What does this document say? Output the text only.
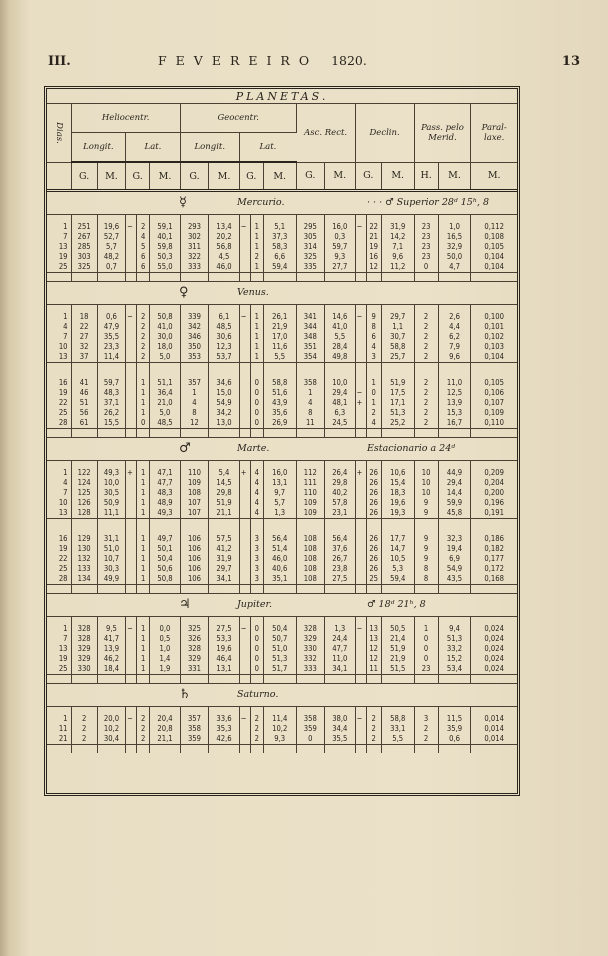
III.	FEVEREIRO 1820.	13
PLANETAS.																		
Dias.	Heliocentr.					Geocentr.					Asc. Rect.		Declin.			Pass. pelo Merid.		Paral- laxe.
	Longit.		Lat.			Longit.		Lat.										
	G.	M.	G.		M.	G.	M.	G.		M.	G.	M.	G.		M.	H.	M.	M.

☿ Mercurio. · · · ♂ Superior 28ᵈ 15ʰ, 8																		

1	251	19,6	−	2	59,1	293	13,4	−	1	5,1	295	16,0	−	22	31,9	23	1,0	0,112
7	267	52,7		4	40,1	302	20,2		1	37,3	305	0,3		21	14,2	23	16,5	0,108
13	285	5,7		5	59,8	311	56,8		1	58,3	314	59,7		19	7,1	23	32,9	0,105
19	303	48,2		6	50,3	322	4,5		2	6,6	325	9,3		16	9,6	23	50,0	0,104
25	325	0,7		6	55,0	333	46,0		1	59,4	335	27,7		12	11,2	0	4,7	0,104

♀ Venus.																		

1	18	0,6	−	2	50,8	339	6,1	−	1	26,1	341	14,6	−	9	29,7	2	2,6	0,100
4	22	47,9		2	41,0	342	48,5		1	21,9	344	41,0		8	1,1	2	4,4	0,101
7	27	35,5		2	30,0	346	30,6		1	17,0	348	5,5		6	30,7	2	6,2	0,102
10	32	23,3		2	18,0	350	12,3		1	11,6	351	28,4		4	58,8	2	7,9	0,103
13	37	11,4		2	5,0	353	53,7		1	5,5	354	49,8		3	25,7	2	9,6	0,104

16	41	59,7		1	51,1	357	34,6		0	58,8	358	10,0		1	51,9	2	11,0	0,105
19	46	48,3		1	36,4	1	15,0		0	51,6	1	29,4	−	0	17,5	2	12,5	0,106
22	51	37,1		1	21,0	4	54,9		0	43,9	4	48,1	+	1	17,1	2	13,9	0,107
25	56	26,2		1	5,0	8	34,2		0	35,6	8	6,3		2	51,3	2	15,3	0,109
28	61	15,5		0	48,5	12	13,0		0	26,9	11	24,5		4	25,2	2	16,7	0,110

♂ Marte. Estacionario a 24ᵈ																		

1	122	49,3	+	1	47,1	110	5,4	+	4	16,0	112	26,4	+	26	10,6	10	44,9	0,209
4	124	10,0		1	47,7	109	14,5		4	13,1	111	29,8		26	15,4	10	29,4	0,204
7	125	30,5		1	48,3	108	29,8		4	9,7	110	40,2		26	18,3	10	14,4	0,200
10	126	50,9		1	48,9	107	51,9		4	5,7	109	57,8		26	19,6	9	59,9	0,196
13	128	11,1		1	49,3	107	21,1		4	1,3	109	23,1		26	19,3	9	45,8	0,191

16	129	31,1		1	49,7	106	57,5		3	56,4	108	56,4		26	17,7	9	32,3	0,186
19	130	51,0		1	50,1	106	41,2		3	51,4	108	37,6		26	14,7	9	19,4	0,182
22	132	10,7		1	50,4	106	31,9		3	46,0	108	26,7		26	10,5	9	6,9	0,177
25	133	30,3		1	50,6	106	29,7		3	40,6	108	23,8		26	5,3	8	54,9	0,172
28	134	49,9		1	50,8	106	34,1		3	35,1	108	27,5		25	59,4	8	43,5	0,168

♃ Jupiter. ♂ 18ᵈ 21ʰ, 8																		

1	328	9,5	−	1	0,0	325	27,5	−	0	50,4	328	1,3	−	13	50,5	1	9,4	0,024
7	328	41,7		1	0,5	326	53,3		0	50,7	329	24,4		13	21,4	0	51,3	0,024
13	329	13,9		1	1,0	328	19,6		0	51,0	330	47,7		12	51,9	0	33,2	0,024
19	329	46,2		1	1,4	329	46,4		0	51,3	332	11,0		12	21,9	0	15,2	0,024
25	330	18,4		1	1,9	331	13,1		0	51,7	333	34,1		11	51,5	23	53,4	0,024

♄ Saturno.																		

1	2	20,0	−	2	20,4	357	33,6	−	2	11,4	358	38,0	−	2	58,8	3	11,5	0,014
11	2	10,2		2	20,8	358	35,3		2	10,2	359	34,4		2	33,1	2	35,9	0,014
21	2	30,4		2	21,1	359	42,6		2	9,3	0	35,5		2	5,5	2	0,6	0,014
